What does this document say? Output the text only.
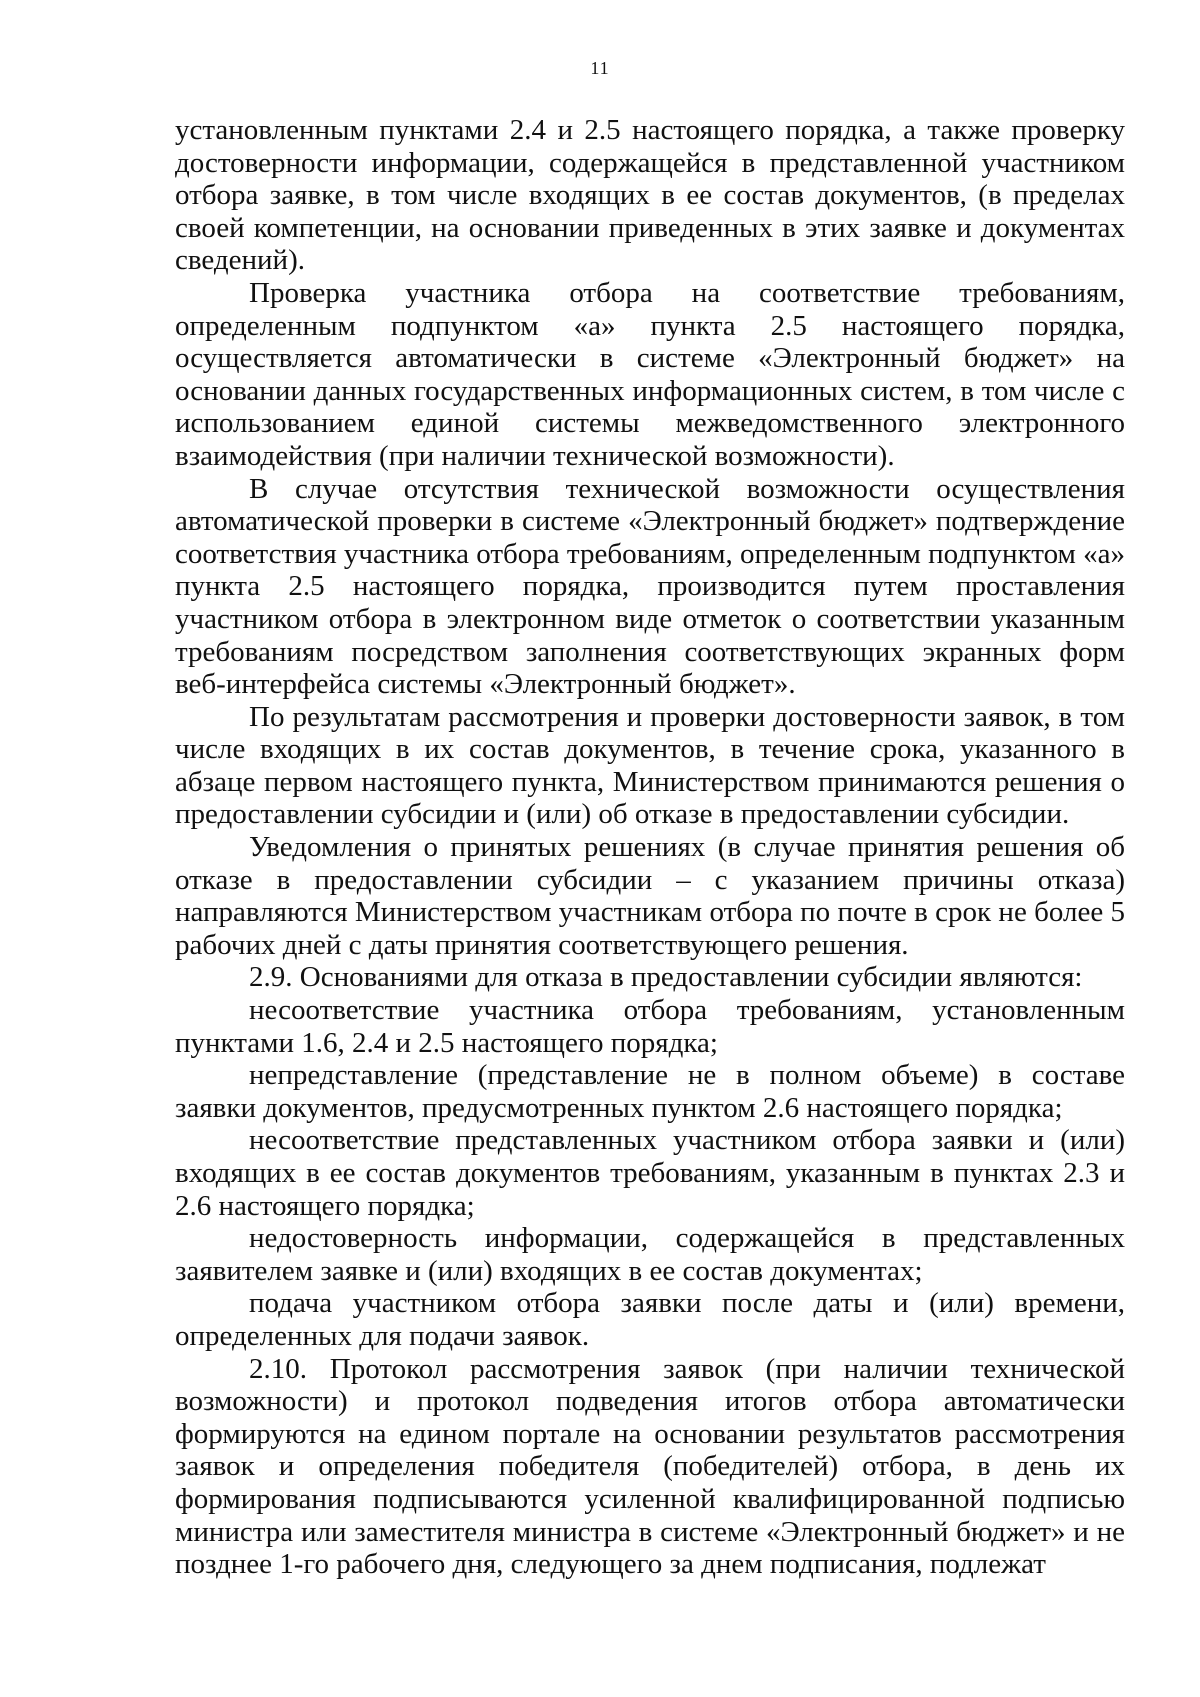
11

установленным пунктами 2.4 и 2.5 настоящего порядка, а также проверку достоверности информации, содержащейся в представленной участником отбора заявке, в том числе входящих в ее состав документов, (в пределах своей компетенции, на основании приведенных в этих заявке и документах сведений).

Проверка участника отбора на соответствие требованиям, определенным подпунктом «а» пункта 2.5 настоящего порядка, осуществляется автоматически в системе «Электронный бюджет» на основании данных государственных информационных систем, в том числе с использованием единой системы межведомственного электронного взаимодействия (при наличии технической возможности).

В случае отсутствия технической возможности осуществления автоматической проверки в системе «Электронный бюджет» подтверждение соответствия участника отбора требованиям, определенным подпунктом «а» пункта 2.5 настоящего порядка, производится путем проставления участником отбора в электронном виде отметок о соответствии указанным требованиям посредством заполнения соответствующих экранных форм веб-интерфейса системы «Электронный бюджет».

По результатам рассмотрения и проверки достоверности заявок, в том числе входящих в их состав документов, в течение срока, указанного в абзаце первом настоящего пункта, Министерством принимаются решения о предоставлении субсидии и (или) об отказе в предоставлении субсидии.

Уведомления о принятых решениях (в случае принятия решения об отказе в предоставлении субсидии – с указанием причины отказа) направляются Министерством участникам отбора по почте в срок не более 5 рабочих дней с даты принятия соответствующего решения.

2.9. Основаниями для отказа в предоставлении субсидии являются:

несоответствие участника отбора требованиям, установленным пунктами 1.6, 2.4 и 2.5 настоящего порядка;

непредставление (представление не в полном объеме) в составе заявки документов, предусмотренных пунктом 2.6 настоящего порядка;

несоответствие представленных участником отбора заявки и (или) входящих в ее состав документов требованиям, указанным в пунктах 2.3 и 2.6 настоящего порядка;

недостоверность информации, содержащейся в представленных заявителем заявке и (или) входящих в ее состав документах;

подача участником отбора заявки после даты и (или) времени, определенных для подачи заявок.

2.10. Протокол рассмотрения заявок (при наличии технической возможности) и протокол подведения итогов отбора автоматически формируются на едином портале на основании результатов рассмотрения заявок и определения победителя (победителей) отбора, в день их формирования подписываются усиленной квалифицированной подписью министра или заместителя министра в системе «Электронный бюджет» и не позднее 1-го рабочего дня, следующего за днем подписания, подлежат
